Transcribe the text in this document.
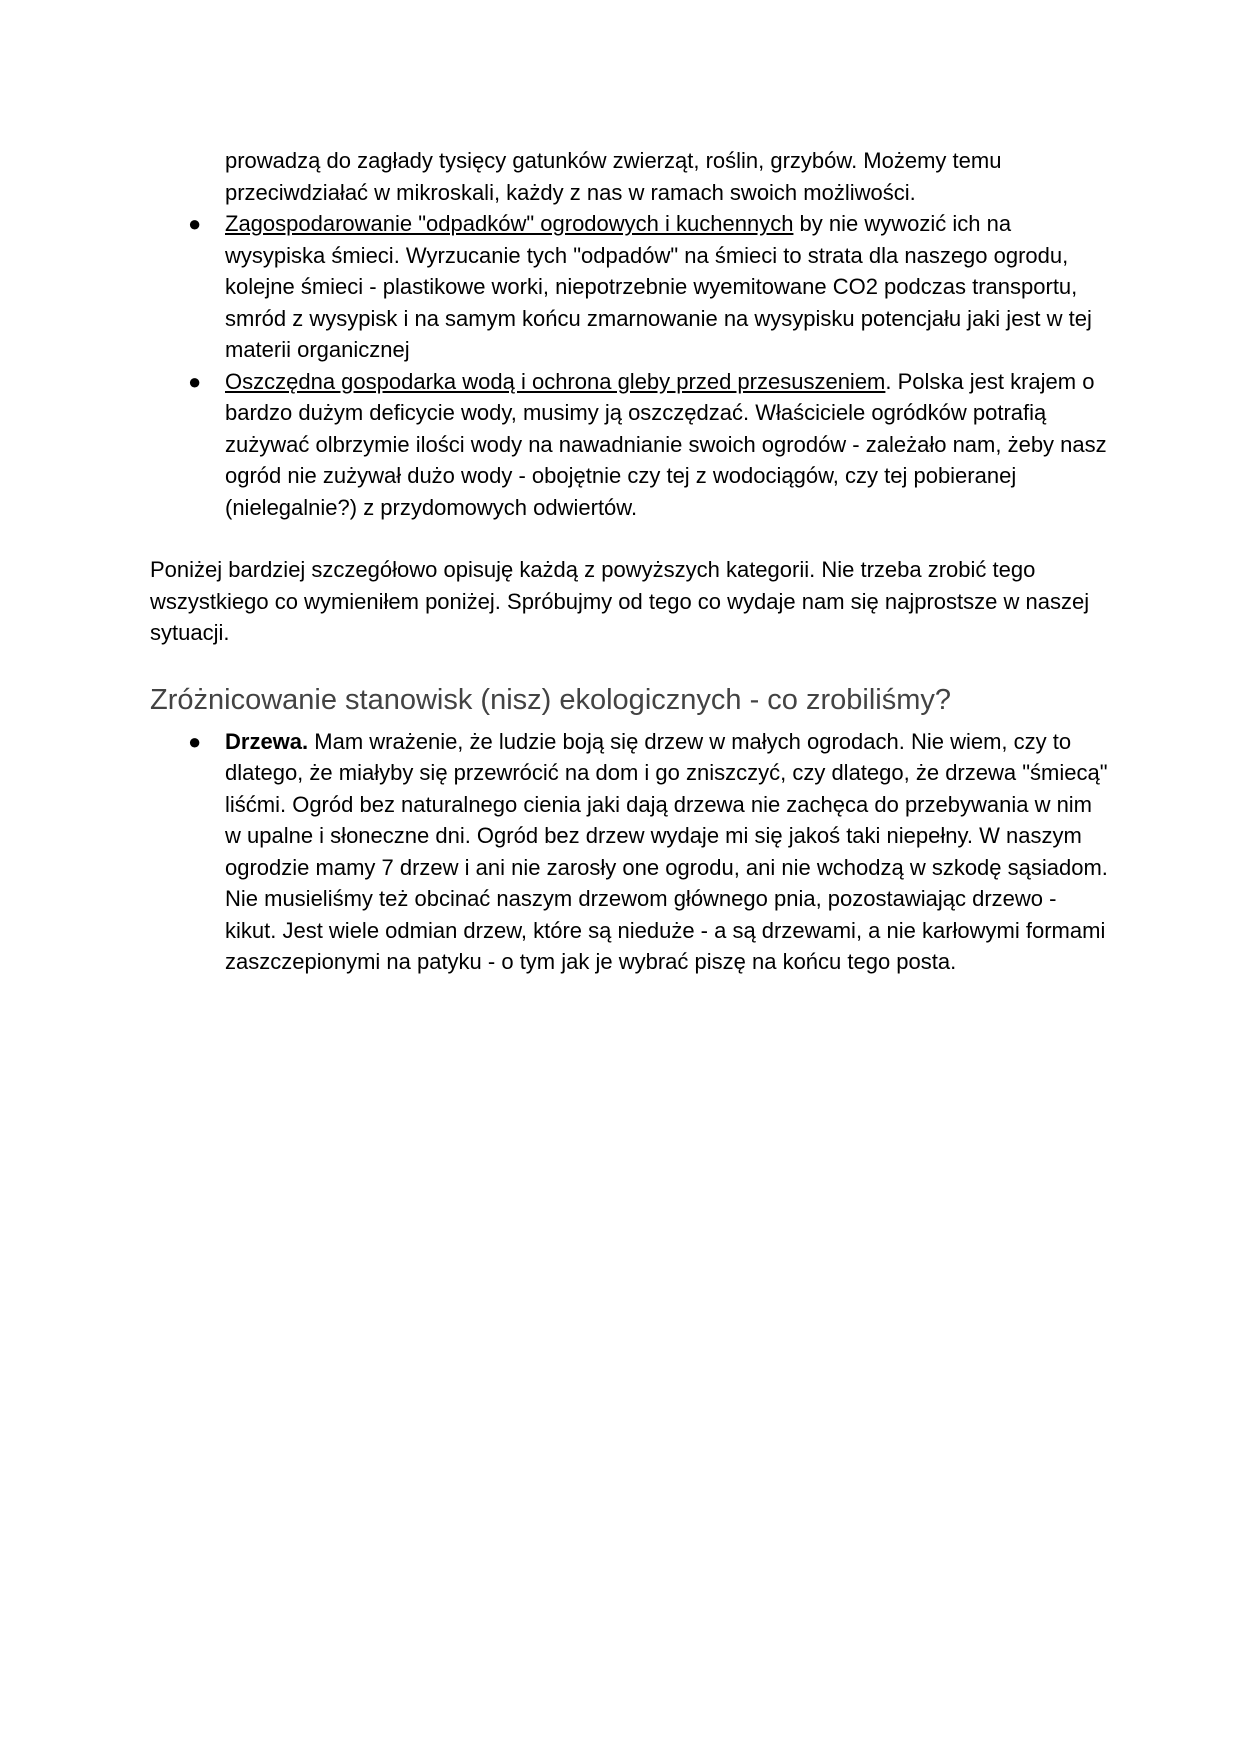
prowadzą do zagłady tysięcy gatunków zwierząt, roślin, grzybów. Możemy temu przeciwdziałać w mikroskali, każdy z nas w ramach swoich możliwości.
●	Zagospodarowanie "odpadków" ogrodowych i kuchennych by nie wywozić ich na wysypiska śmieci. Wyrzucanie tych "odpadów" na śmieci to strata dla naszego ogrodu, kolejne śmieci - plastikowe worki, niepotrzebnie wyemitowane CO2 podczas transportu, smród z wysypisk i na samym końcu zmarnowanie na wysypisku potencjału jaki jest w tej materii organicznej
●	Oszczędna gospodarka wodą i ochrona gleby przed przesuszeniem. Polska jest krajem o bardzo dużym deficycie wody, musimy ją oszczędzać. Właściciele ogródków potrafią zużywać olbrzymie ilości wody na nawadnianie swoich ogrodów - zależało nam, żeby nasz ogród nie zużywał dużo wody - obojętnie czy tej z wodociągów, czy tej pobieranej (nielegalnie?) z przydomowych odwiertów.

Poniżej bardziej szczegółowo opisuję każdą z powyższych kategorii. Nie trzeba zrobić tego wszystkiego co wymieniłem poniżej. Spróbujmy od tego co wydaje nam się najprostsze w naszej sytuacji.

Zróżnicowanie stanowisk (nisz) ekologicznych - co zrobiliśmy?
●	Drzewa. Mam wrażenie, że ludzie boją się drzew w małych ogrodach. Nie wiem, czy to dlatego, że miałyby się przewrócić na dom i go zniszczyć, czy dlatego, że drzewa "śmiecą" liśćmi. Ogród bez naturalnego cienia jaki dają drzewa nie zachęca do przebywania w nim w upalne i słoneczne dni. Ogród bez drzew wydaje mi się jakoś taki niepełny. W naszym ogrodzie mamy 7 drzew i ani nie zarosły one ogrodu, ani nie wchodzą w szkodę sąsiadom. Nie musieliśmy też obcinać naszym drzewom głównego pnia, pozostawiając drzewo - kikut. Jest wiele odmian drzew, które są nieduże - a są drzewami, a nie karłowymi formami zaszczepionymi na patyku - o tym jak je wybrać piszę na końcu tego posta.
